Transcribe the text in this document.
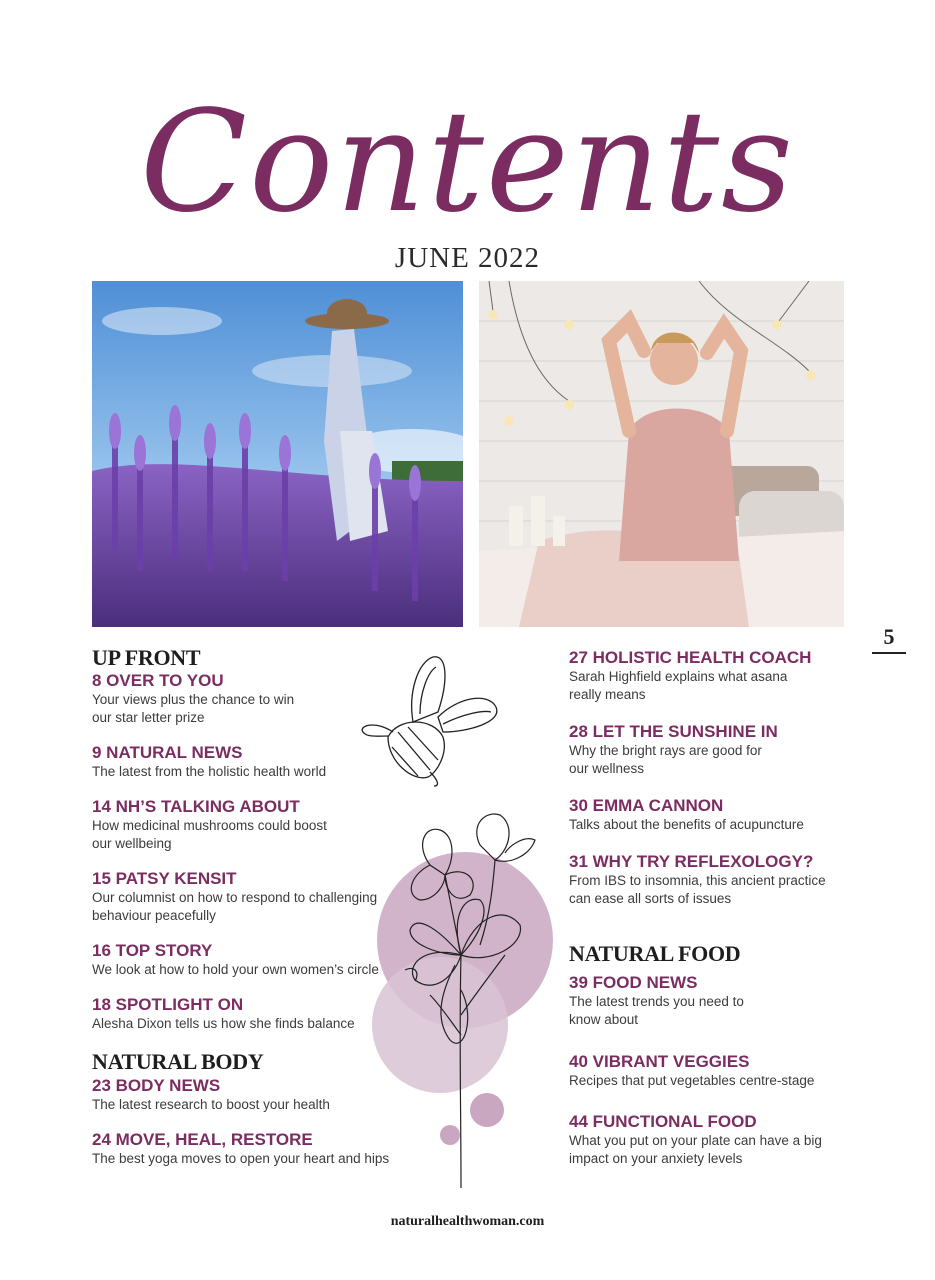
Contents
JUNE 2022
5
UP FRONT
8 OVER TO YOU
Your views plus the chance to win
our star letter prize
9 NATURAL NEWS
The latest from the holistic health world
14 NH’S TALKING ABOUT
How medicinal mushrooms could boost
our wellbeing
15 PATSY KENSIT
Our columnist on how to respond to challenging
behaviour peacefully
16 TOP STORY
We look at how to hold your own women’s circle
18 SPOTLIGHT ON
Alesha Dixon tells us how she finds balance
NATURAL BODY
23 BODY NEWS
The latest research to boost your health
24 MOVE, HEAL, RESTORE
The best yoga moves to open your heart and hips
27 HOLISTIC HEALTH COACH
Sarah Highfield explains what asana
really means
28 LET THE SUNSHINE IN
Why the bright rays are good for
our wellness
30 EMMA CANNON
Talks about the benefits of acupuncture
31 WHY TRY REFLEXOLOGY?
From IBS to insomnia, this ancient practice
can ease all sorts of issues
NATURAL FOOD
39 FOOD NEWS
The latest trends you need to
know about
40 VIBRANT VEGGIES
Recipes that put vegetables centre-stage
44 FUNCTIONAL FOOD
What you put on your plate can have a big
impact on your anxiety levels
naturalhealthwoman.com
